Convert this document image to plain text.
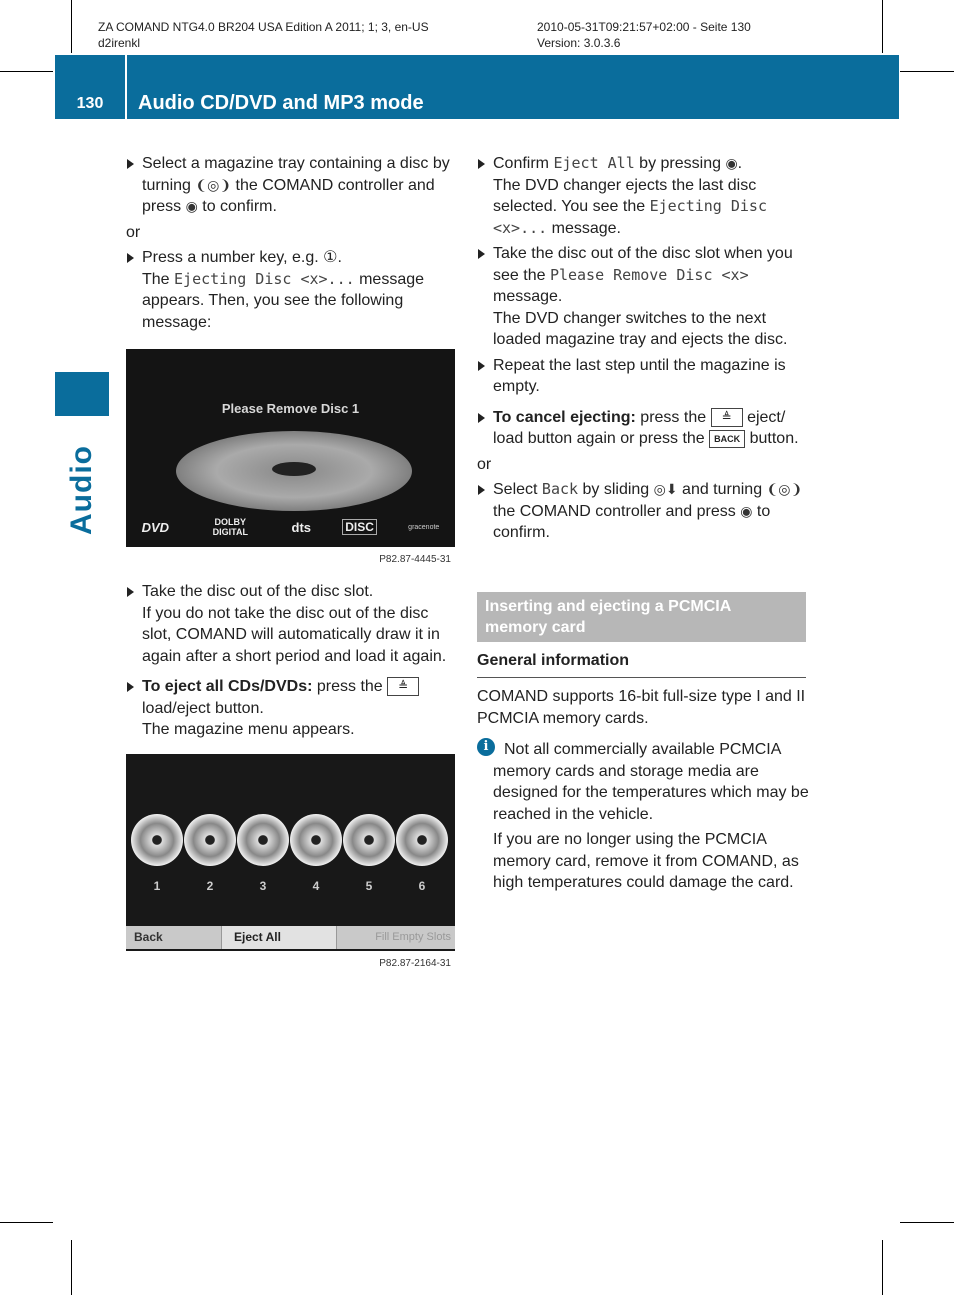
ZA COMAND NTG4.0 BR204 USA Edition A 2011; 1; 3, en-US
d2irenkl
2010-05-31T09:21:57+02:00 - Seite 130
Version: 3.0.3.6
130	Audio CD/DVD and MP3 mode
Audio

Select a magazine tray containing a disc by turning ❨◎❩ the COMAND controller and press ◉ to confirm.

or

Press a number key, e.g. ①.
The Ejecting Disc <x>... message appears. Then, you see the following message:

Please Remove Disc 1
DVD	DOLBY DIGITAL	dts	DISC	gracenote
P82.87-4445-31

Take the disc out of the disc slot.
If you do not take the disc out of the disc slot, COMAND will automatically draw it in again after a short period and load it again.

To eject all CDs/DVDs: press the ≜ load/eject button.
The magazine menu appears.

1	2	3	4	5	6
Back	Eject All	Fill Empty Slots
P82.87-2164-31

Confirm Eject All by pressing ◉.
The DVD changer ejects the last disc selected. You see the Ejecting Disc <x>... message.

Take the disc out of the disc slot when you see the Please Remove Disc <x> message.
The DVD changer switches to the next loaded magazine tray and ejects the disc.

Repeat the last step until the magazine is empty.

To cancel ejecting: press the ≜ eject/ load button again or press the BACK button.

or

Select Back by sliding ◎⬇ and turning ❨◎❩ the COMAND controller and press ◉ to confirm.

Inserting and ejecting a PCMCIA memory card
General information

COMAND supports 16-bit full-size type I and II PCMCIA memory cards.

i Not all commercially available PCMCIA memory cards and storage media are designed for the temperatures which may be reached in the vehicle.

If you are no longer using the PCMCIA memory card, remove it from COMAND, as high temperatures could damage the card.
